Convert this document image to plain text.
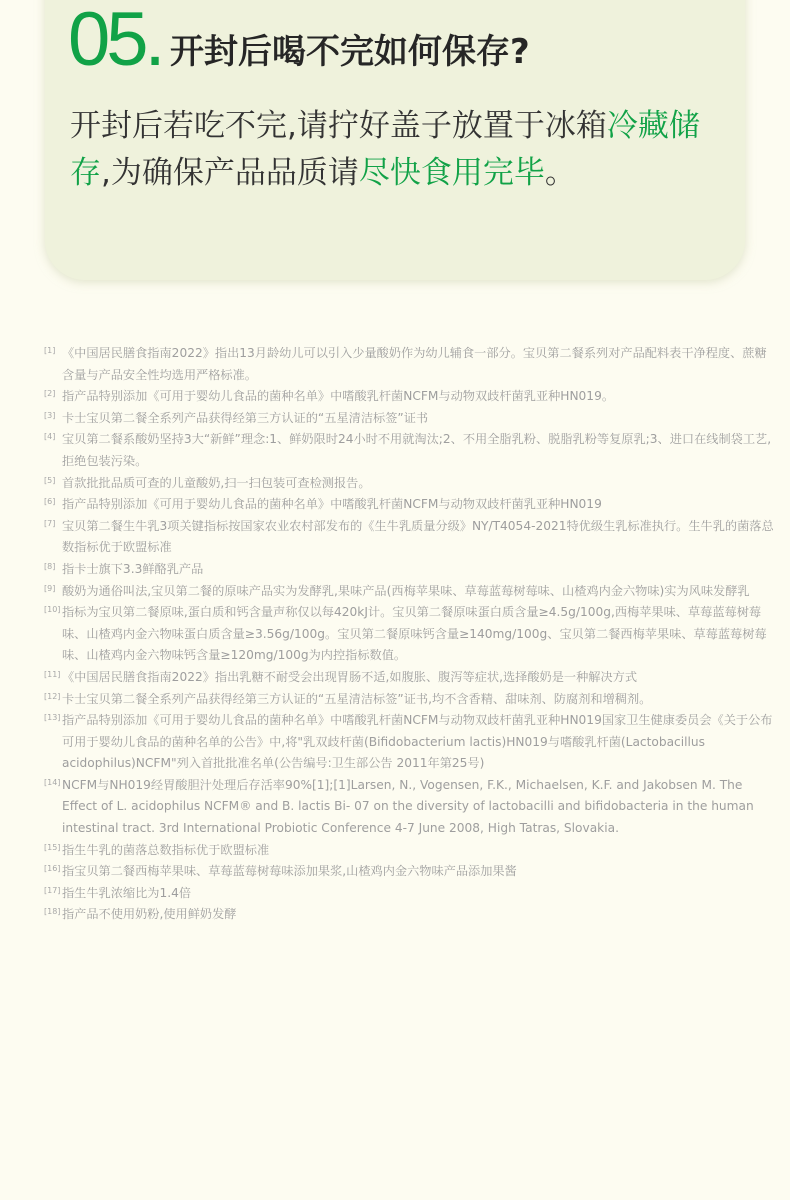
05. 开封后喝不完如何保存?

开封后若吃不完,请拧好盖子放置于冰箱冷藏储存,为确保产品品质请尽快食用完毕。

[1] 《中国居民膳食指南2022》指出13月龄幼儿可以引入少量酸奶作为幼儿辅食一部分。宝贝第二餐系列对产品配料表干净程度、蔗糖含量与产品安全性均选用严格标准。
[2] 指产品特别添加《可用于婴幼儿食品的菌种名单》中嗜酸乳杆菌NCFM与动物双歧杆菌乳亚种HN019。
[3] 卡士宝贝第二餐全系列产品获得经第三方认证的“五星清洁标签”证书
[4] 宝贝第二餐系酸奶坚持3大“新鲜”理念:1、鲜奶限时24小时不用就淘汰;2、不用全脂乳粉、脱脂乳粉等复原乳;3、进口在线制袋工艺,拒绝包装污染。
[5] 首款批批品质可查的儿童酸奶,扫一扫包装可查检测报告。
[6] 指产品特别添加《可用于婴幼儿食品的菌种名单》中嗜酸乳杆菌NCFM与动物双歧杆菌乳亚种HN019
[7] 宝贝第二餐生牛乳3项关键指标按国家农业农村部发布的《生牛乳质量分级》NY/T4054-2021特优级生乳标准执行。生牛乳的菌落总数指标优于欧盟标准
[8] 指卡士旗下3.3鲜酪乳产品
[9] 酸奶为通俗叫法,宝贝第二餐的原味产品实为发酵乳,果味产品(西梅苹果味、草莓蓝莓树莓味、山楂鸡内金六物味)实为风味发酵乳
[10] 指标为宝贝第二餐原味,蛋白质和钙含量声称仅以每420kJ计。宝贝第二餐原味蛋白质含量≥4.5g/100g,西梅苹果味、草莓蓝莓树莓味、山楂鸡内金六物味蛋白质含量≥3.56g/100g。宝贝第二餐原味钙含量≥140mg/100g、宝贝第二餐西梅苹果味、草莓蓝莓树莓味、山楂鸡内金六物味钙含量≥120mg/100g为内控指标数值。
[11] 《中国居民膳食指南2022》指出乳糖不耐受会出现胃肠不适,如腹胀、腹泻等症状,选择酸奶是一种解决方式
[12] 卡士宝贝第二餐全系列产品获得经第三方认证的“五星清洁标签”证书,均不含香精、甜味剂、防腐剂和增稠剂。
[13] 指产品特别添加《可用于婴幼儿食品的菌种名单》中嗜酸乳杆菌NCFM与动物双歧杆菌乳亚种HN019国家卫生健康委员会《关于公布可用于婴幼儿食品的菌种名单的公告》中,将"乳双歧杆菌(Bifidobacterium lactis)HN019与嗜酸乳杆菌(Lactobacillus acidophilus)NCFM"列入首批批准名单(公告编号:卫生部公告 2011年第25号)
[14] NCFM与NH019经胃酸胆汁处理后存活率90%[1];[1]Larsen, N., Vogensen, F.K., Michaelsen, K.F. and Jakobsen M. The Effect of L. acidophilus NCFM® and B. lactis Bi- 07 on the diversity of lactobacilli and bifidobacteria in the human intestinal tract. 3rd International Probiotic Conference 4-7 June 2008, High Tatras, Slovakia.
[15] 指生牛乳的菌落总数指标优于欧盟标准
[16] 指宝贝第二餐西梅苹果味、草莓蓝莓树莓味添加果浆,山楂鸡内金六物味产品添加果酱
[17] 指生牛乳浓缩比为1.4倍
[18] 指产品不使用奶粉,使用鲜奶发酵
